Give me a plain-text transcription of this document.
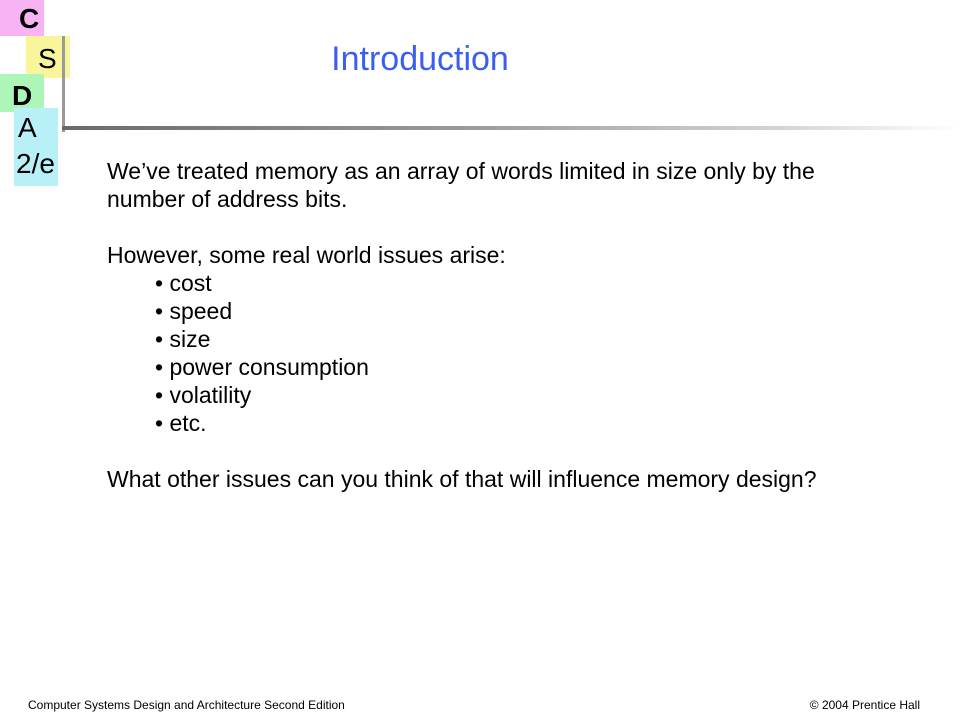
C
S
D
A
2/e
Introduction

We’ve treated memory as an array of words limited in size only by the number of address bits.

However, some real world issues arise:

• cost
• speed
• size
• power consumption
• volatility
• etc.

What other issues can you think of that will influence memory design?

Computer Systems Design and Architecture Second Edition	© 2004 Prentice Hall
